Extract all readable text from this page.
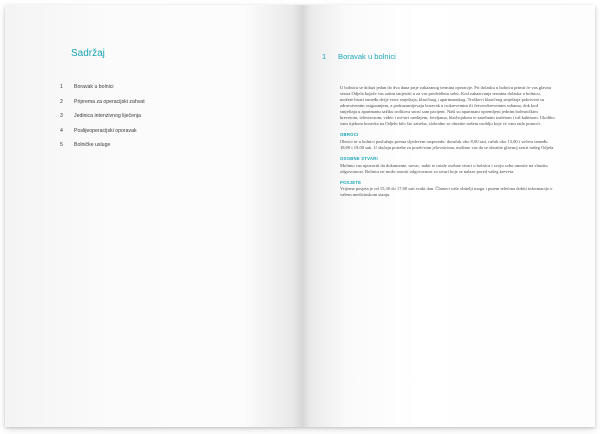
Sadržaj
1	Boravak u bolnici
2	Priprema za operacijski zahvat
3	Jedinica intenzivnog liječenja
4	Poslijeoperacijski oporavak
5	Bolničke usluge
1	Boravak u bolnici

U bolnicu se dolazi jedan do dva dana prije zakazanog termina operacije. Pri dolasku u bolnicu primit će vas glavna sestra Odjela kojače vas zatim smjestiti u za vas predviđenu sobu. Kod zakazivanja termina dolaska u bolnicu, možete birati između dvije vrste smještaja, klasičnog i apartmanskog. Troškovi klasičnog smještaja pokriveni su zdravstvenim osiguranjem, a podrazumijevaju boravak u trokrevetnim ili četverokrevetnim sobama, dok kod smještaja u apartmanu sažiku troškova snosi sam pacijent. Naši su apartmani opremljeni jednim bolesničkim krevetom, televizorom, video i mi-stri uređajem, foteljama, hlad-njakom te zasebnim toaletom i tuš kabinom. Ukoliko vam tijekom boravka na Odjelu bilo što zatreba, slobodno se obratite našem osoblju koje će vam rado pomoći.

OBROCI

Obroci se u bolnici poslužuju prema sljedećem rasporedu: doručak oko 8,00 sati, ručak oko 13,00 i večera između 18,00 i 19,00 sati. U slučaju potrebe za poseb-nim jelovnicima, molimo vas da se obratite glavnoj sestri našeg Odjela.

OSOBNE STVARI

Molimo vas upozoriti da dokumente, novac, nakit te ostale osobne stvari u bolnicu i svoju sobu unosite na vlastitu odgovornost. Bolnica ne može snositi odgovornost za stvari koje se nalaze pored vašeg kreveta.

POSJETE

Vrijeme posjeta je od 15,30 do 17,00 sati svaki dan. Članovi vaše obitelji mogu i putem telefona dobiti informacije o vašem medicinskom stanju.
